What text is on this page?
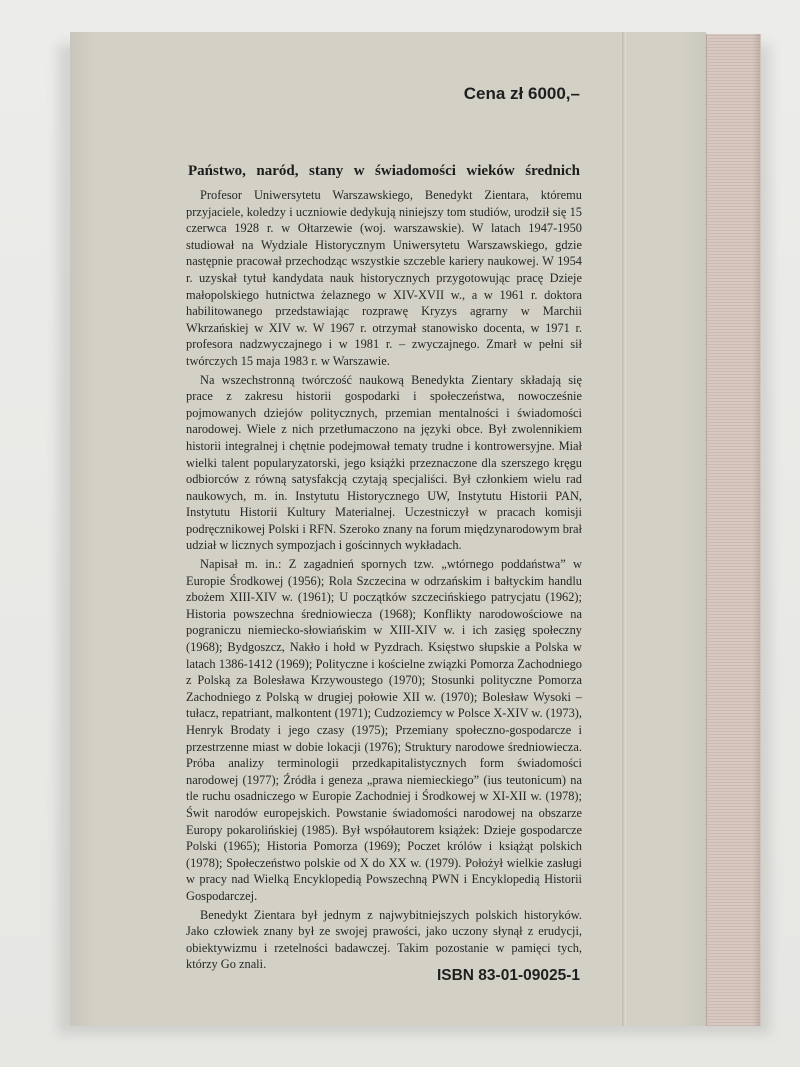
Cena zł 6000,–
Państwo, naród, stany w świadomości wieków średnich

Profesor Uniwersytetu Warszawskiego, Benedykt Zientara, któremu przyjaciele, koledzy i uczniowie dedykują niniejszy tom studiów, urodził się 15 czerwca 1928 r. w Ołtarzewie (woj. warszawskie). W latach 1947-1950 studiował na Wydziale Historycznym Uniwersytetu Warszawskiego, gdzie następnie pracował przechodząc wszystkie szczeble kariery naukowej. W 1954 r. uzyskał tytuł kandydata nauk historycznych przygotowując pracę Dzieje małopolskiego hutnictwa żelaznego w XIV-XVII w., a w 1961 r. doktora habilitowanego przedstawiając rozprawę Kryzys agrarny w Marchii Wkrzańskiej w XIV w. W 1967 r. otrzymał stanowisko docenta, w 1971 r. profesora nadzwyczajnego i w 1981 r. – zwyczajnego. Zmarł w pełni sił twórczych 15 maja 1983 r. w Warszawie.

Na wszechstronną twórczość naukową Benedykta Zientary składają się prace z zakresu historii gospodarki i społeczeństwa, nowocześnie pojmowanych dziejów politycznych, przemian mentalności i świadomości narodowej. Wiele z nich przetłumaczono na języki obce. Był zwolennikiem historii integralnej i chętnie podejmował tematy trudne i kontrowersyjne. Miał wielki talent popularyzatorski, jego książki przeznaczone dla szerszego kręgu odbiorców z równą satysfakcją czytają specjaliści. Był członkiem wielu rad naukowych, m. in. Instytutu Historycznego UW, Instytutu Historii PAN, Instytutu Historii Kultury Materialnej. Uczestniczył w pracach komisji podręcznikowej Polski i RFN. Szeroko znany na forum międzynarodowym brał udział w licznych sympozjach i gościnnych wykładach.

Napisał m. in.: Z zagadnień spornych tzw. „wtórnego poddaństwa” w Europie Środkowej (1956); Rola Szczecina w odrzańskim i bałtyckim handlu zbożem XIII-XIV w. (1961); U początków szczecińskiego patrycjatu (1962); Historia powszechna średniowiecza (1968); Konflikty narodowościowe na pograniczu niemiecko-słowiańskim w XIII-XIV w. i ich zasięg społeczny (1968); Bydgoszcz, Nakło i hołd w Pyzdrach. Księstwo słupskie a Polska w latach 1386-1412 (1969); Polityczne i kościelne związki Pomorza Zachodniego z Polską za Bolesława Krzywoustego (1970); Stosunki polityczne Pomorza Zachodniego z Polską w drugiej połowie XII w. (1970); Bolesław Wysoki – tułacz, repatriant, malkontent (1971); Cudzoziemcy w Polsce X-XIV w. (1973), Henryk Brodaty i jego czasy (1975); Przemiany społeczno-gospodarcze i przestrzenne miast w dobie lokacji (1976); Struktury narodowe średniowiecza. Próba analizy terminologii przedkapitalistycznych form świadomości narodowej (1977); Źródła i geneza „prawa niemieckiego” (ius teutonicum) na tle ruchu osadniczego w Europie Zachodniej i Środkowej w XI-XII w. (1978); Świt narodów europejskich. Powstanie świadomości narodowej na obszarze Europy pokarolińskiej (1985). Był współautorem książek: Dzieje gospodarcze Polski (1965); Historia Pomorza (1969); Poczet królów i książąt polskich (1978); Społeczeństwo polskie od X do XX w. (1979). Położył wielkie zasługi w pracy nad Wielką Encyklopedią Powszechną PWN i Encyklopedią Historii Gospodarczej.

Benedykt Zientara był jednym z najwybitniejszych polskich historyków. Jako człowiek znany był ze swojej prawości, jako uczony słynął z erudycji, obiektywizmu i rzetelności badawczej. Takim pozostanie w pamięci tych, którzy Go znali.

ISBN 83-01-09025-1
